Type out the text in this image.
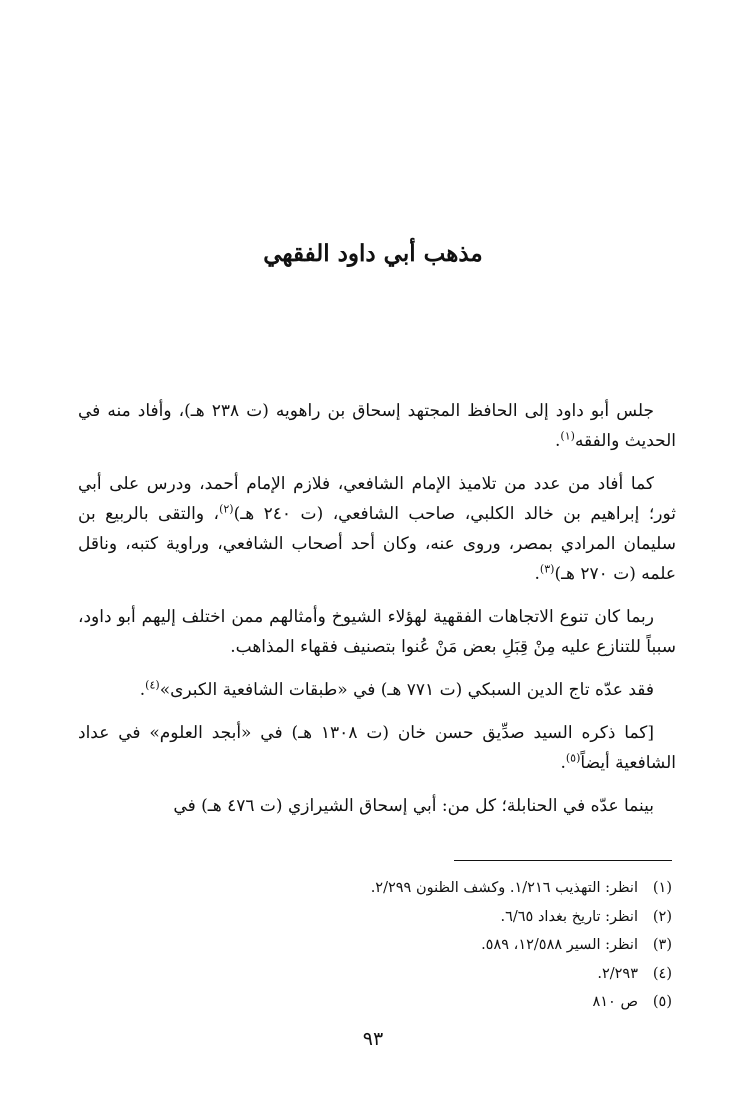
مذهب أبي داود الفقهي

جلس أبو داود إلى الحافظ المجتهد إسحاق بن راهويه (ت ٢٣٨ هـ)، وأفاد منه في الحديث والفقه$^{(١)}$.

كما أفاد من عدد من تلاميذ الإمام الشافعي، فلازم الإمام أحمد، ودرس على أبي ثور؛ إبراهيم بن خالد الكلبي، صاحب الشافعي، (ت ٢٤٠ هـ)$^{(٢)}$، والتقى بالربيع بن سليمان المرادي بمصر، وروى عنه، وكان أحد أصحاب الشافعي، وراوية كتبه، وناقل علمه (ت ٢٧٠ هـ)$^{(٣)}$.

ربما كان تنوع الاتجاهات الفقهية لهؤلاء الشيوخ وأمثالهم ممن اختلف إليهم أبو داود، سبباً للتنازع عليه مِنْ قِبَلِ بعض مَنْ عُنوا بتصنيف فقهاء المذاهب.

فقد عدّه تاج الدين السبكي (ت ٧٧١ هـ) في «طبقات الشافعية الكبرى»$^{(٤)}$.

[كما ذكره السيد صدِّيق حسن خان (ت ١٣٠٨ هـ) في «أبجد العلوم» في عداد الشافعية أيضاً$^{(٥)}$.

بينما عدّه في الحنابلة؛ كل من: أبي إسحاق الشيرازي (ت ٤٧٦ هـ) في

(١)
انظر: التهذيب ١/٢١٦. وكشف الظنون ٢/٢٩٩.
(٢)
انظر: تاريخ بغداد ٦/٦٥.
(٣)
انظر: السير ١٢/٥٨٨، ٥٨٩.
(٤)
٢/٢٩٣.
(٥)
ص ٨١٠
٩٣
